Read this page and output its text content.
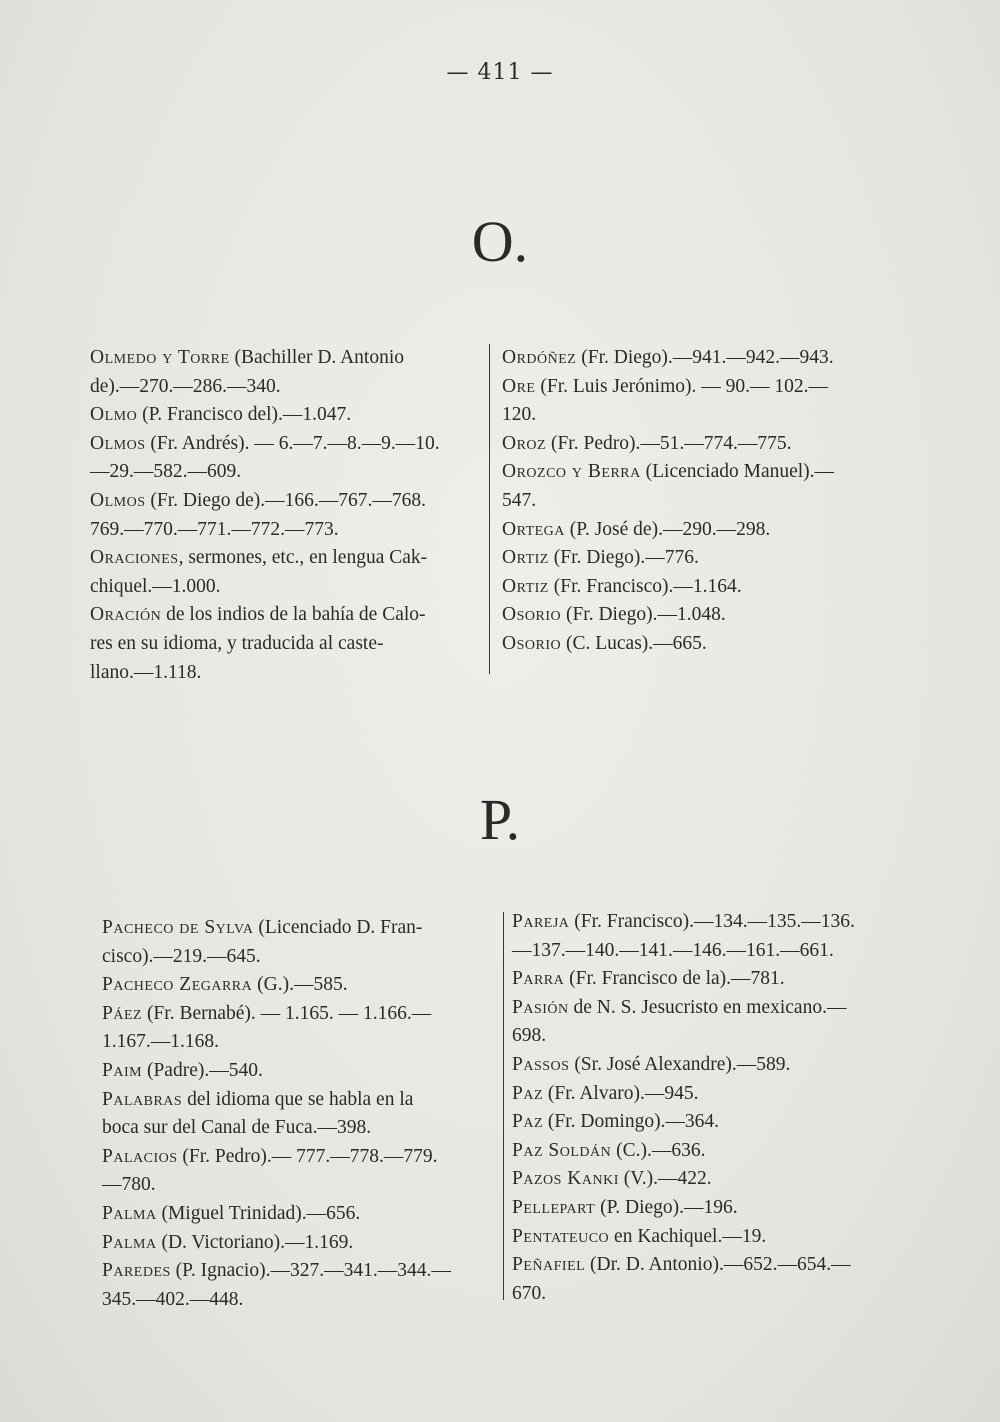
— 411 —
O.
Olmedo y Torre (Bachiller D. Antonio
de).—270.—286.—340.
Olmo (P. Francisco del).—1.047.
Olmos (Fr. Andrés). — 6.—7.—8.—9.—10.
—29.—582.—609.
Olmos (Fr. Diego de).—166.—767.—768.
769.—770.—771.—772.—773.
Oraciones, sermones, etc., en lengua Cak-
chiquel.—1.000.
Oración de los indios de la bahía de Calo-
res en su idioma, y traducida al caste-
llano.—1.118.
Ordóñez (Fr. Diego).—941.—942.—943.
Ore (Fr. Luis Jerónimo). — 90.— 102.—
120.
Oroz (Fr. Pedro).—51.—774.—775.
Orozco y Berra (Licenciado Manuel).—
547.
Ortega (P. José de).—290.—298.
Ortiz (Fr. Diego).—776.
Ortiz (Fr. Francisco).—1.164.
Osorio (Fr. Diego).—1.048.
Osorio (C. Lucas).—665.
P.
Pacheco de Sylva (Licenciado D. Fran-
cisco).—219.—645.
Pacheco Zegarra (G.).—585.
Páez (Fr. Bernabé). — 1.165. — 1.166.—
1.167.—1.168.
Paim (Padre).—540.
Palabras del idioma que se habla en la
boca sur del Canal de Fuca.—398.
Palacios (Fr. Pedro).— 777.—778.—779.
—780.
Palma (Miguel Trinidad).—656.
Palma (D. Victoriano).—1.169.
Paredes (P. Ignacio).—327.—341.—344.—
345.—402.—448.
Pareja (Fr. Francisco).—134.—135.—136.
—137.—140.—141.—146.—161.—661.
Parra (Fr. Francisco de la).—781.
Pasión de N. S. Jesucristo en mexicano.—
698.
Passos (Sr. José Alexandre).—589.
Paz (Fr. Alvaro).—945.
Paz (Fr. Domingo).—364.
Paz Soldán (C.).—636.
Pazos Kanki (V.).—422.
Pellepart (P. Diego).—196.
Pentateuco en Kachiquel.—19.
Peñafiel (Dr. D. Antonio).—652.—654.—
670.
